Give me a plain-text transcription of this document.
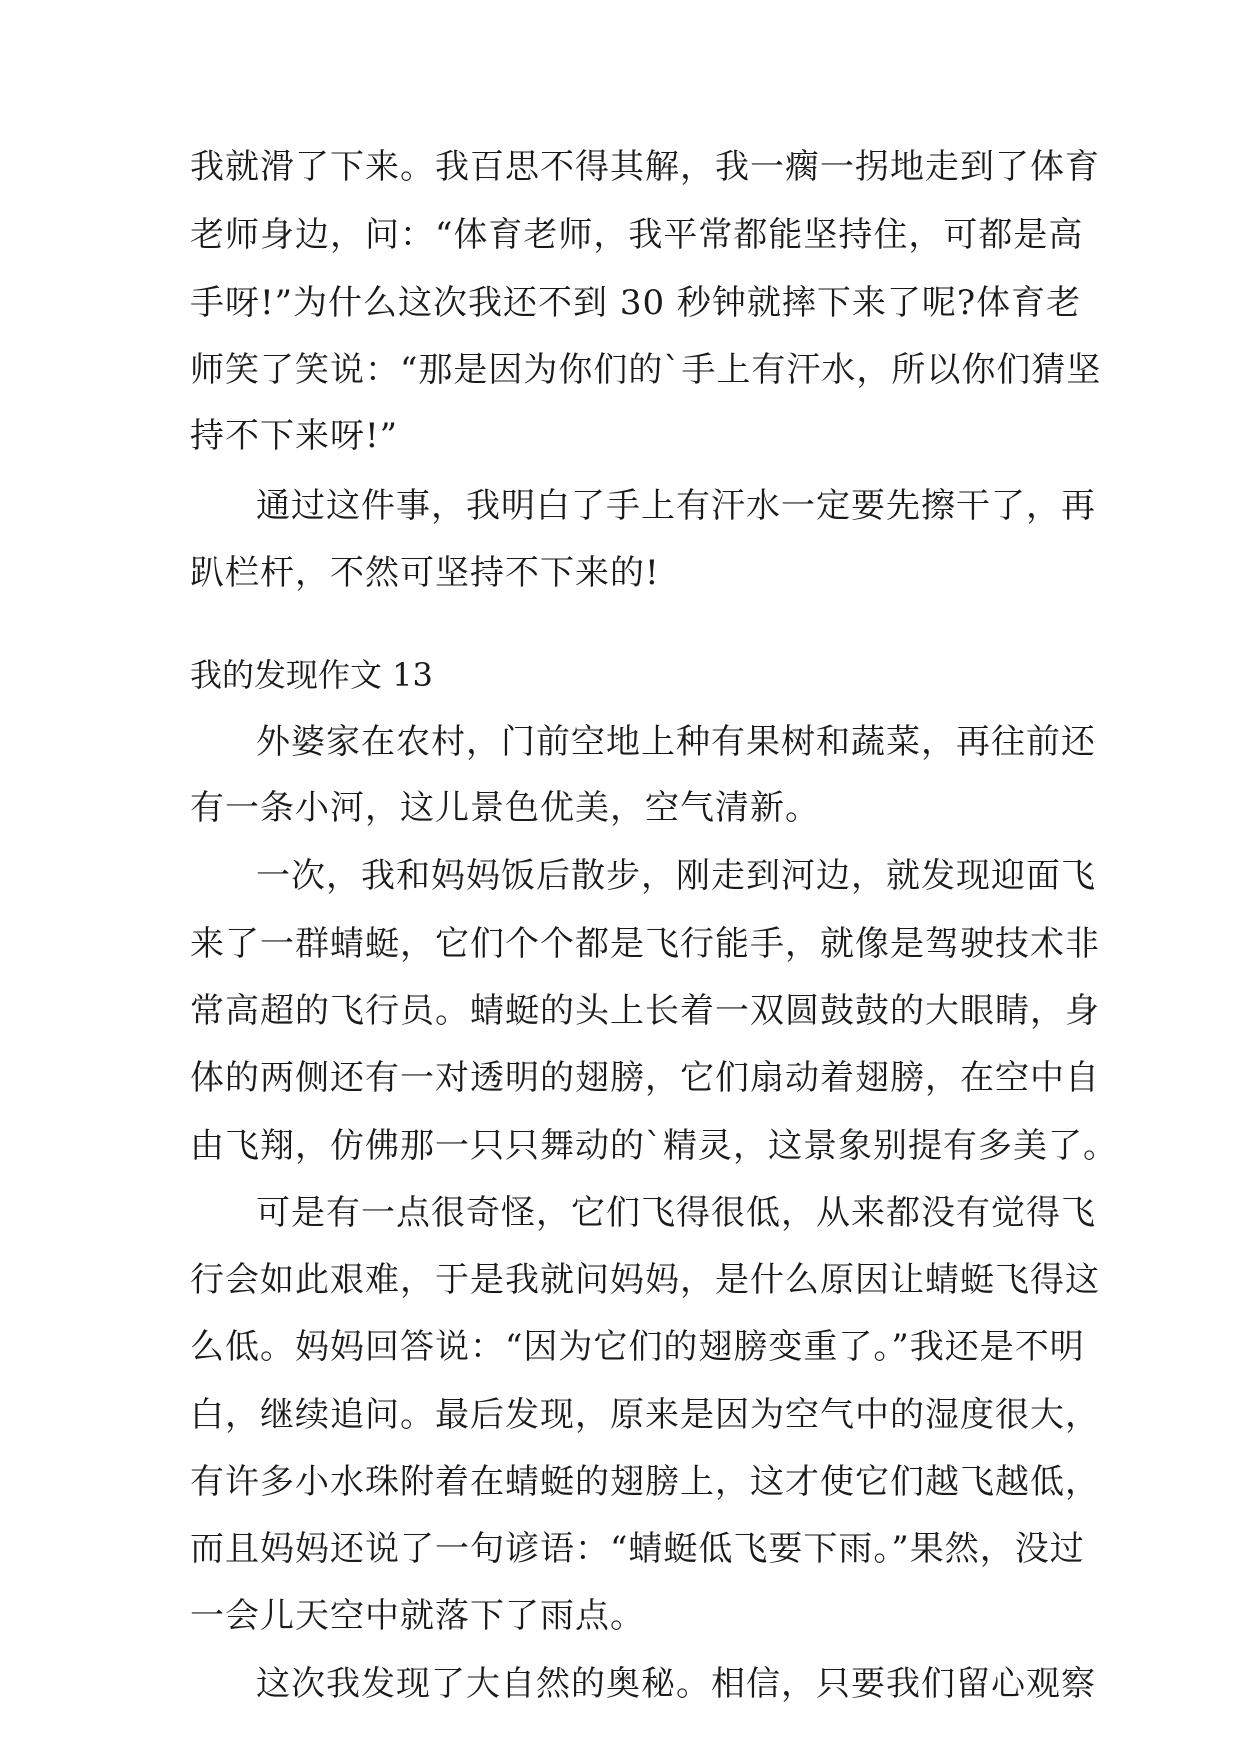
我就滑了下来。我百思不得其解，我一瘸一拐地走到了体育
老师身边，问：“体育老师，我平常都能坚持住，可都是高
手呀!”为什么这次我还不到 30 秒钟就摔下来了呢?体育老
师笑了笑说：“那是因为你们的`手上有汗水，所以你们猜坚
持不下来呀!”
通过这件事，我明白了手上有汗水一定要先擦干了，再
趴栏杆，不然可坚持不下来的!
我的发现作文 13
外婆家在农村，门前空地上种有果树和蔬菜，再往前还
有一条小河，这儿景色优美，空气清新。
一次，我和妈妈饭后散步，刚走到河边，就发现迎面飞
来了一群蜻蜓，它们个个都是飞行能手，就像是驾驶技术非
常高超的飞行员。蜻蜓的头上长着一双圆鼓鼓的大眼睛，身
体的两侧还有一对透明的翅膀，它们扇动着翅膀，在空中自
由飞翔，仿佛那一只只舞动的`精灵，这景象别提有多美了。
可是有一点很奇怪，它们飞得很低，从来都没有觉得飞
行会如此艰难，于是我就问妈妈，是什么原因让蜻蜓飞得这
么低。妈妈回答说：“因为它们的翅膀变重了。”我还是不明
白，继续追问。最后发现，原来是因为空气中的湿度很大，
有许多小水珠附着在蜻蜓的翅膀上，这才使它们越飞越低，
而且妈妈还说了一句谚语：“蜻蜓低飞要下雨。”果然，没过
一会儿天空中就落下了雨点。
这次我发现了大自然的奥秘。相信，只要我们留心观察
